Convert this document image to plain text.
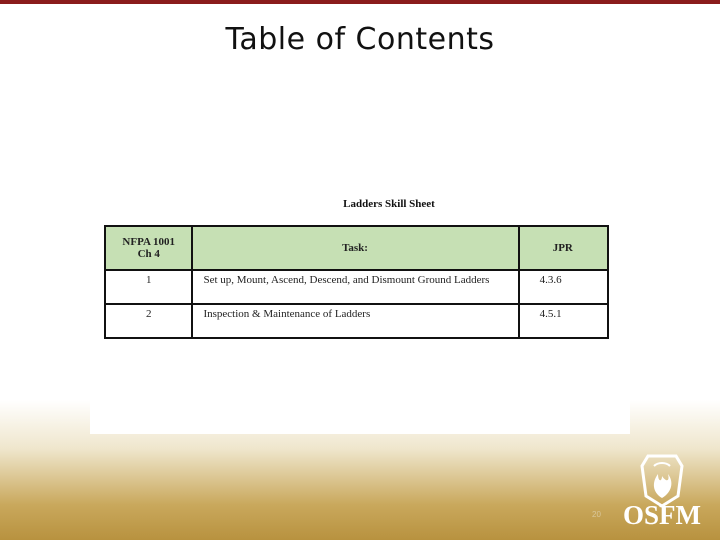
Table of Contents
Ladders Skill Sheet
NFPA 1001
Ch 4	Task:	JPR
1	Set up, Mount, Ascend, Descend, and Dismount Ground Ladders	4.3.6
2	Inspection & Maintenance of Ladders	4.5.1
20 OSFM
